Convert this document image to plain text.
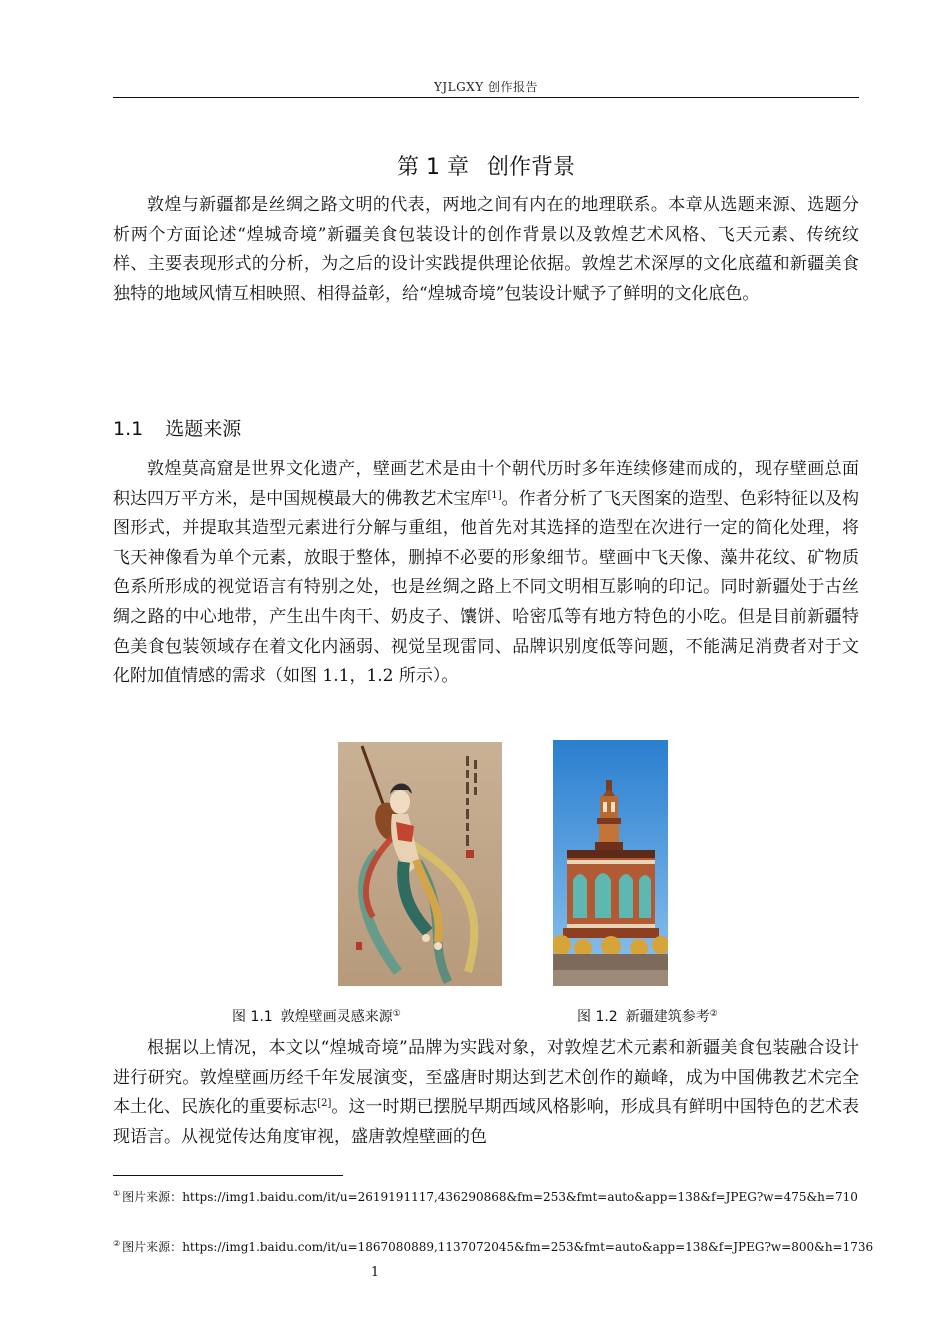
YJLGXY 创作报告
第 1 章 创作背景

敦煌与新疆都是丝绸之路文明的代表，两地之间有内在的地理联系。本章从选题来源、选题分析两个方面论述“煌城奇境”新疆美食包装设计的创作背景以及敦煌艺术风格、飞天元素、传统纹样、主要表现形式的分析，为之后的设计实践提供理论依据。敦煌艺术深厚的文化底蕴和新疆美食独特的地域风情互相映照、相得益彰，给“煌城奇境”包装设计赋予了鲜明的文化底色。

1.1 选题来源

敦煌莫高窟是世界文化遗产，壁画艺术是由十个朝代历时多年连续修建而成的，现存壁画总面积达四万平方米，是中国规模最大的佛教艺术宝库[1]。作者分析了飞天图案的造型、色彩特征以及构图形式，并提取其造型元素进行分解与重组，他首先对其选择的造型在次进行一定的简化处理，将飞天神像看为单个元素，放眼于整体，删掉不必要的形象细节。壁画中飞天像、藻井花纹、矿物质色系所形成的视觉语言有特别之处，也是丝绸之路上不同文明相互影响的印记。同时新疆处于古丝绸之路的中心地带，产生出牛肉干、奶皮子、馕饼、哈密瓜等有地方特色的小吃。但是目前新疆特色美食包装领域存在着文化内涵弱、视觉呈现雷同、品牌识别度低等问题，不能满足消费者对于文化附加值情感的需求（如图 1.1，1.2 所示）。

图 1.1 敦煌壁画灵感来源①	图 1.2 新疆建筑参考②

根据以上情况，本文以“煌城奇境”品牌为实践对象，对敦煌艺术元素和新疆美食包装融合设计进行研究。敦煌壁画历经千年发展演变，至盛唐时期达到艺术创作的巅峰，成为中国佛教艺术完全本土化、民族化的重要标志[2]。这一时期已摆脱早期西域风格影响，形成具有鲜明中国特色的艺术表现语言。从视觉传达角度审视，盛唐敦煌壁画的色

① 图片来源：https://img1.baidu.com/it/u=2619191117,436290868&fm=253&fmt=auto&app=138&f=JPEG?w=475&h=710
② 图片来源：https://img1.baidu.com/it/u=1867080889,1137072045&fm=253&fmt=auto&app=138&f=JPEG?w=800&h=1736
1
